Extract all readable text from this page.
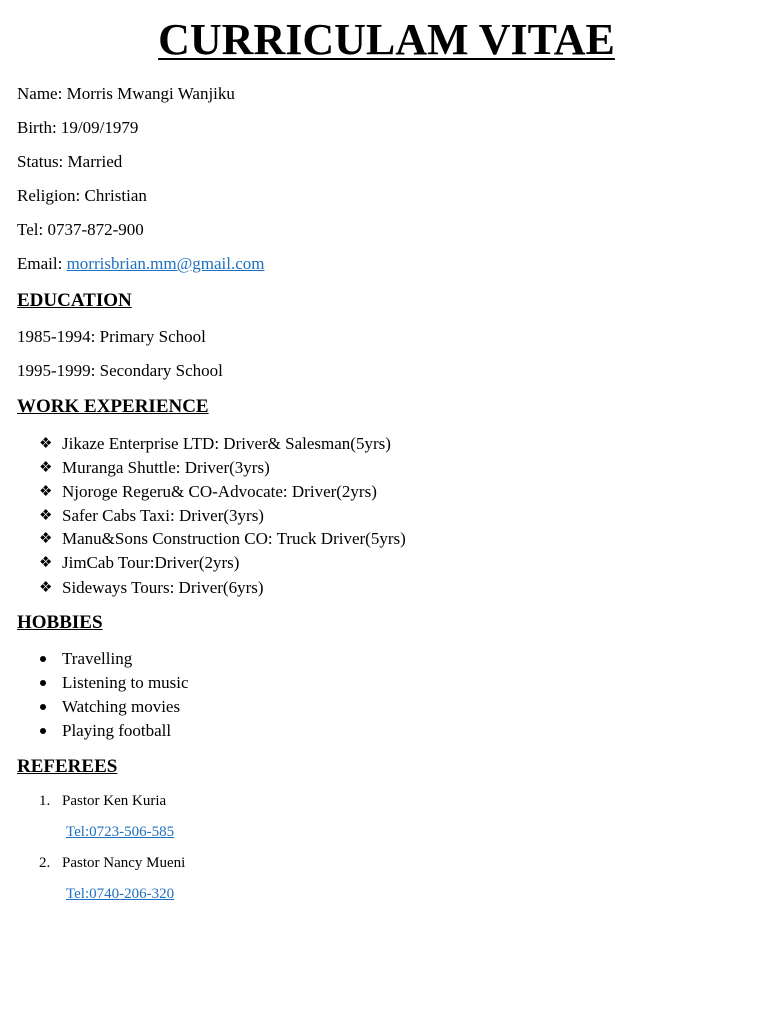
CURRICULAM VITAE
Name: Morris Mwangi Wanjiku
Birth: 19/09/1979
Status: Married
Religion: Christian
Tel: 0737-872-900
Email: morrisbrian.mm@gmail.com
EDUCATION
1985-1994: Primary School
1995-1999: Secondary School
WORK EXPERIENCE
❖ Jikaze Enterprise LTD: Driver& Salesman(5yrs)
❖ Muranga Shuttle: Driver(3yrs)
❖ Njoroge Regeru& CO-Advocate: Driver(2yrs)
❖ Safer Cabs Taxi: Driver(3yrs)
❖ Manu&Sons Construction CO: Truck Driver(5yrs)
❖ JimCab Tour:Driver(2yrs)
❖ Sideways Tours: Driver(6yrs)
HOBBIES
Travelling
Listening to music
Watching movies
Playing football
REFEREES
1. Pastor Ken Kuria
Tel:0723-506-585
2. Pastor Nancy Mueni
Tel:0740-206-320
